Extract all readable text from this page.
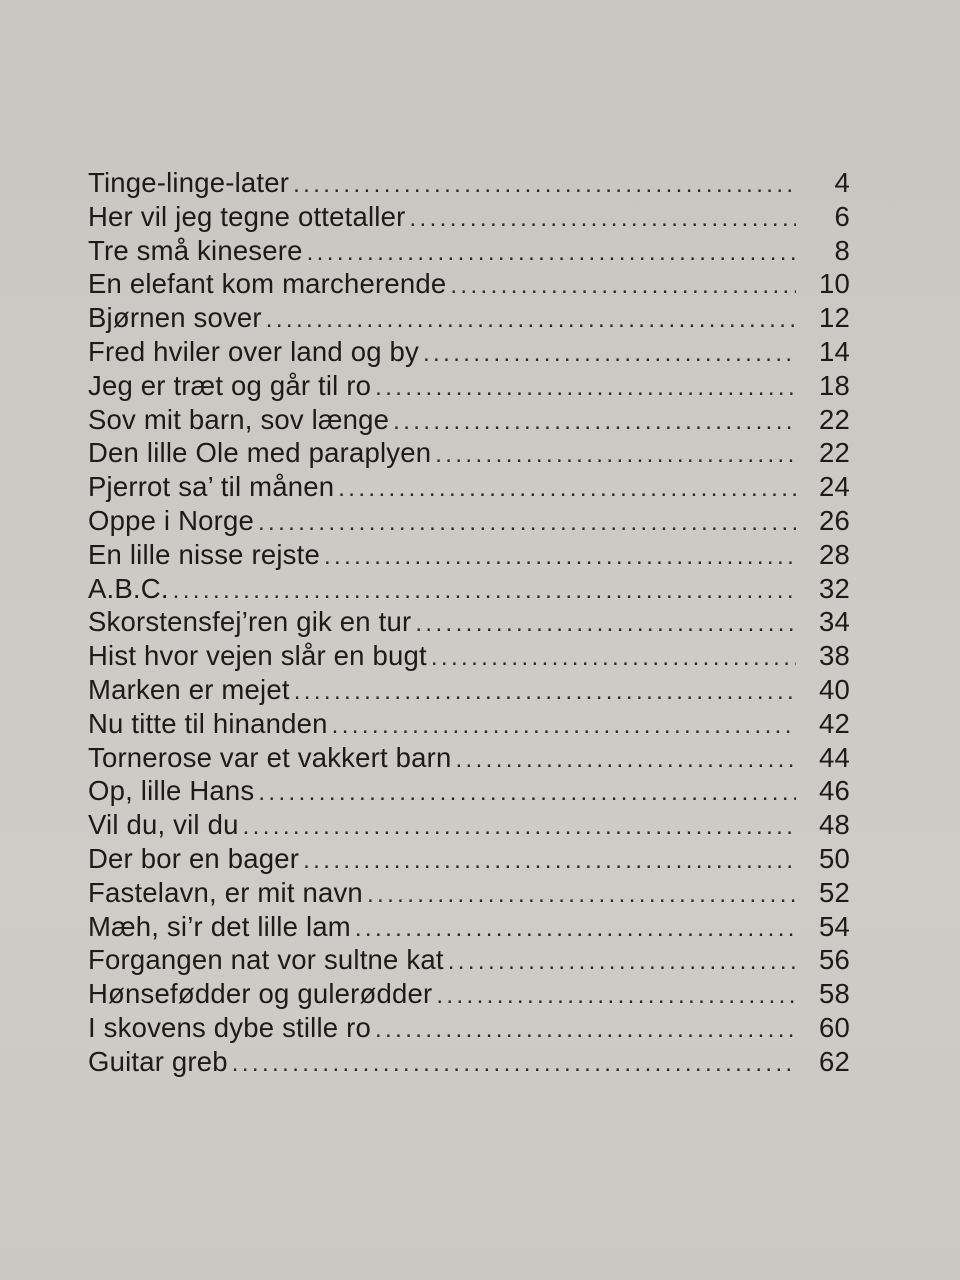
Tinge-linge-later .....	4
Her vil jeg tegne ottetaller .....	6
Tre små kinesere .....	8
En elefant kom marcherende .....	10
Bjørnen sover .....	12
Fred hviler over land og by .....	14
Jeg er træt og går til ro .....	18
Sov mit barn, sov længe .....	22
Den lille Ole med paraplyen .....	22
Pjerrot sa’ til månen .....	24
Oppe i Norge .....	26
En lille nisse rejste .....	28
A.B.C. .....	32
Skorstensfej’ren gik en tur .....	34
Hist hvor vejen slår en bugt .....	38
Marken er mejet .....	40
Nu titte til hinanden .....	42
Tornerose var et vakkert barn .....	44
Op, lille Hans .....	46
Vil du, vil du .....	48
Der bor en bager .....	50
Fastelavn, er mit navn .....	52
Mæh, si’r det lille lam .....	54
Forgangen nat vor sultne kat .....	56
Hønsefødder og gulerødder .....	58
I skovens dybe stille ro .....	60
Guitar greb .....	62
